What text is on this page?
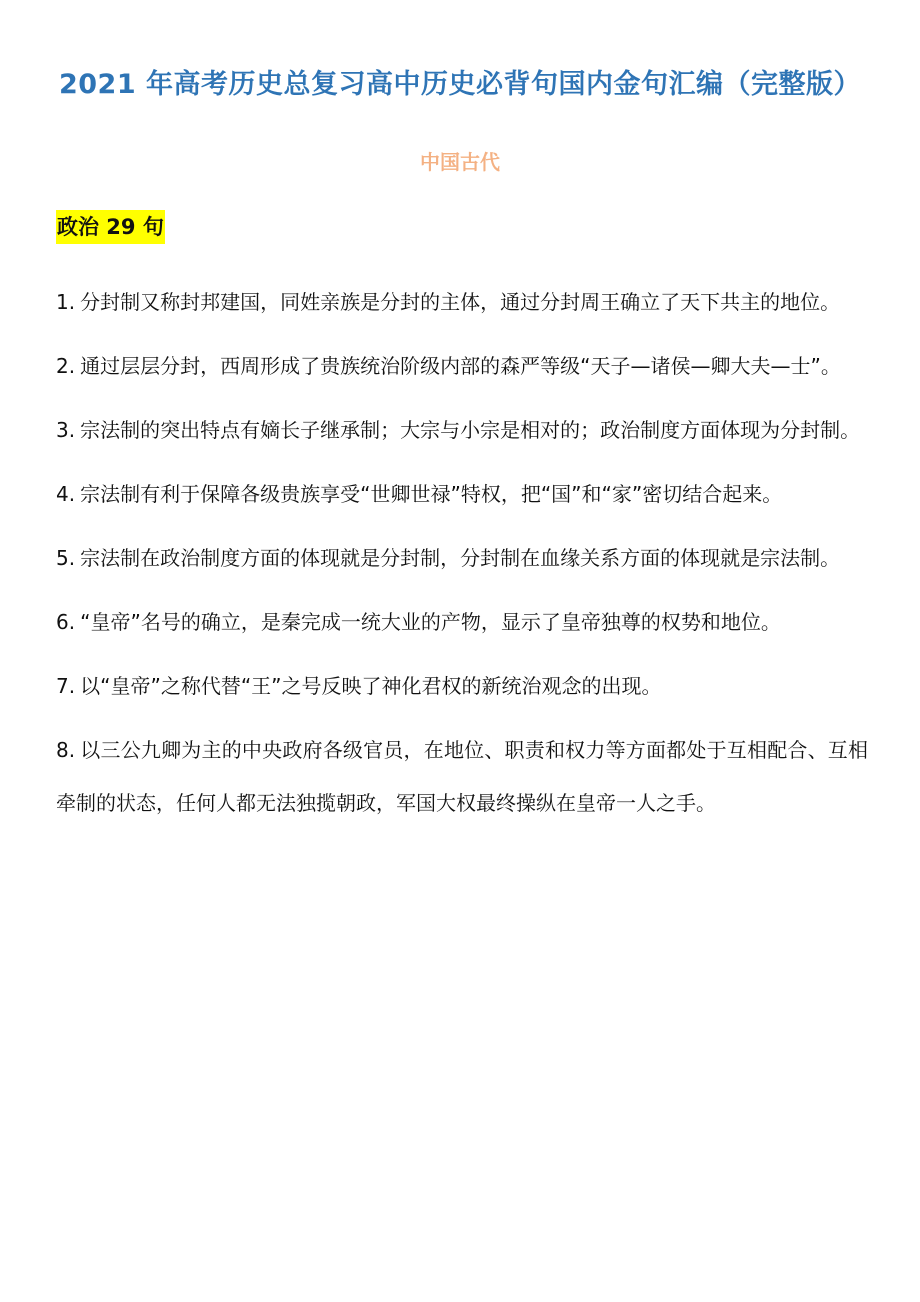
2021 年高考历史总复习高中历史必背句国内金句汇编（完整版）
中国古代
政治 29 句
1. 分封制又称封邦建国，同姓亲族是分封的主体，通过分封周王确立了天下共主的地位。
2. 通过层层分封，西周形成了贵族统治阶级内部的森严等级“天子—诸侯—卿大夫—士”。
3. 宗法制的突出特点有嫡长子继承制；大宗与小宗是相对的；政治制度方面体现为分封制。
4. 宗法制有利于保障各级贵族享受“世卿世禄”特权，把“国”和“家”密切结合起来。
5. 宗法制在政治制度方面的体现就是分封制，分封制在血缘关系方面的体现就是宗法制。
6. “皇帝”名号的确立，是秦完成一统大业的产物，显示了皇帝独尊的权势和地位。
7. 以“皇帝”之称代替“王”之号反映了神化君权的新统治观念的出现。
8. 以三公九卿为主的中央政府各级官员，在地位、职责和权力等方面都处于互相配合、互相牵制的状态，任何人都无法独揽朝政，军国大权最终操纵在皇帝一人之手。
